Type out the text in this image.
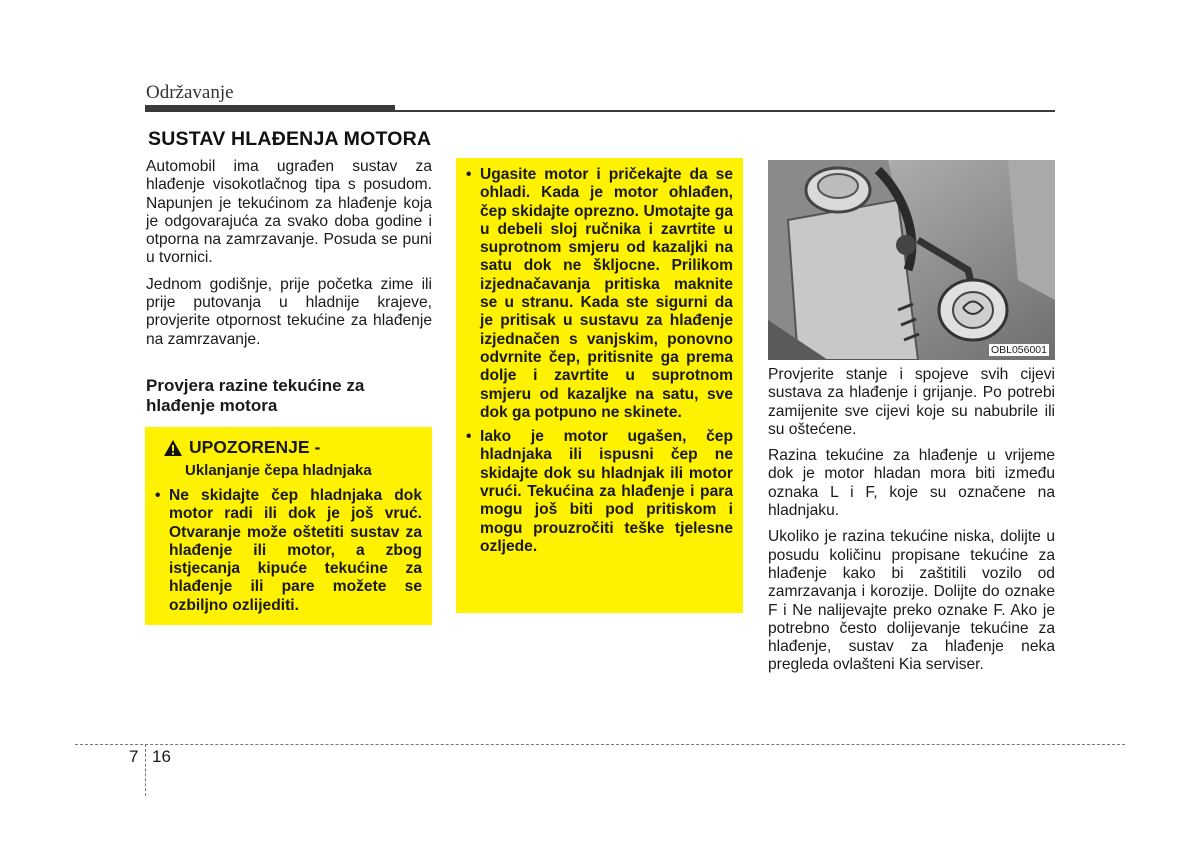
Održavanje
SUSTAV HLAĐENJA MOTORA

Automobil ima ugrađen sustav za hlađenje visokotlačnog tipa s posudom. Napunjen je tekućinom za hlađenje koja je odgovarajuća za svako doba godine i otporna na zamrzavanje. Posuda se puni u tvornici.

Jednom godišnje, prije početka zime ili prije putovanja u hladnije krajeve, provjerite otpornost tekućine za hlađenje na zamrzavanje.

Provjera razine tekućine za hlađenje motora
UPOZORENJE -
Uklanjanje čepa hladnjaka
• Ne skidajte čep hladnjaka dok motor radi ili dok je još vruć. Otvaranje može oštetiti sustav za hlađenje ili motor, a zbog istjecanja kipuće tekućine za hlađenje ili pare možete se ozbiljno ozlijediti.
• Ugasite motor i pričekajte da se ohladi. Kada je motor ohlađen, čep skidajte oprezno. Umotajte ga u debeli sloj ručnika i zavrtite u suprotnom smjeru od kazaljki na satu dok ne škljocne. Prilikom izjednačavanja pritiska maknite se u stranu. Kada ste sigurni da je pritisak u sustavu za hlađenje izjednačen s vanjskim, ponovno odvrnite čep, pritisnite ga prema dolje i zavrtite u suprotnom smjeru od kazaljke na satu, sve dok ga potpuno ne skinete.
• Iako je motor ugašen, čep hladnjaka ili ispusni čep ne skidajte dok su hladnjak ili motor vrući. Tekućina za hlađenje i para mogu još biti pod pritiskom i mogu prouzročiti teške tjelesne ozljede.
OBL056001

Provjerite stanje i spojeve svih cijevi sustava za hlađenje i grijanje. Po potrebi zamijenite sve cijevi koje su nabubrile ili su oštećene.

Razina tekućine za hlađenje u vrijeme dok je motor hladan mora biti između oznaka L i F, koje su označene na hladnjaku.

Ukoliko je razina tekućine niska, dolijte u posudu količinu propisane tekućine za hlađenje kako bi zaštitili vozilo od zamrzavanja i korozije. Dolijte do oznake F i Ne nalijevajte preko oznake F. Ako je potrebno često dolijevanje tekućine za hlađenje, sustav za hlađenje neka pregleda ovlašteni Kia serviser.

7 16
